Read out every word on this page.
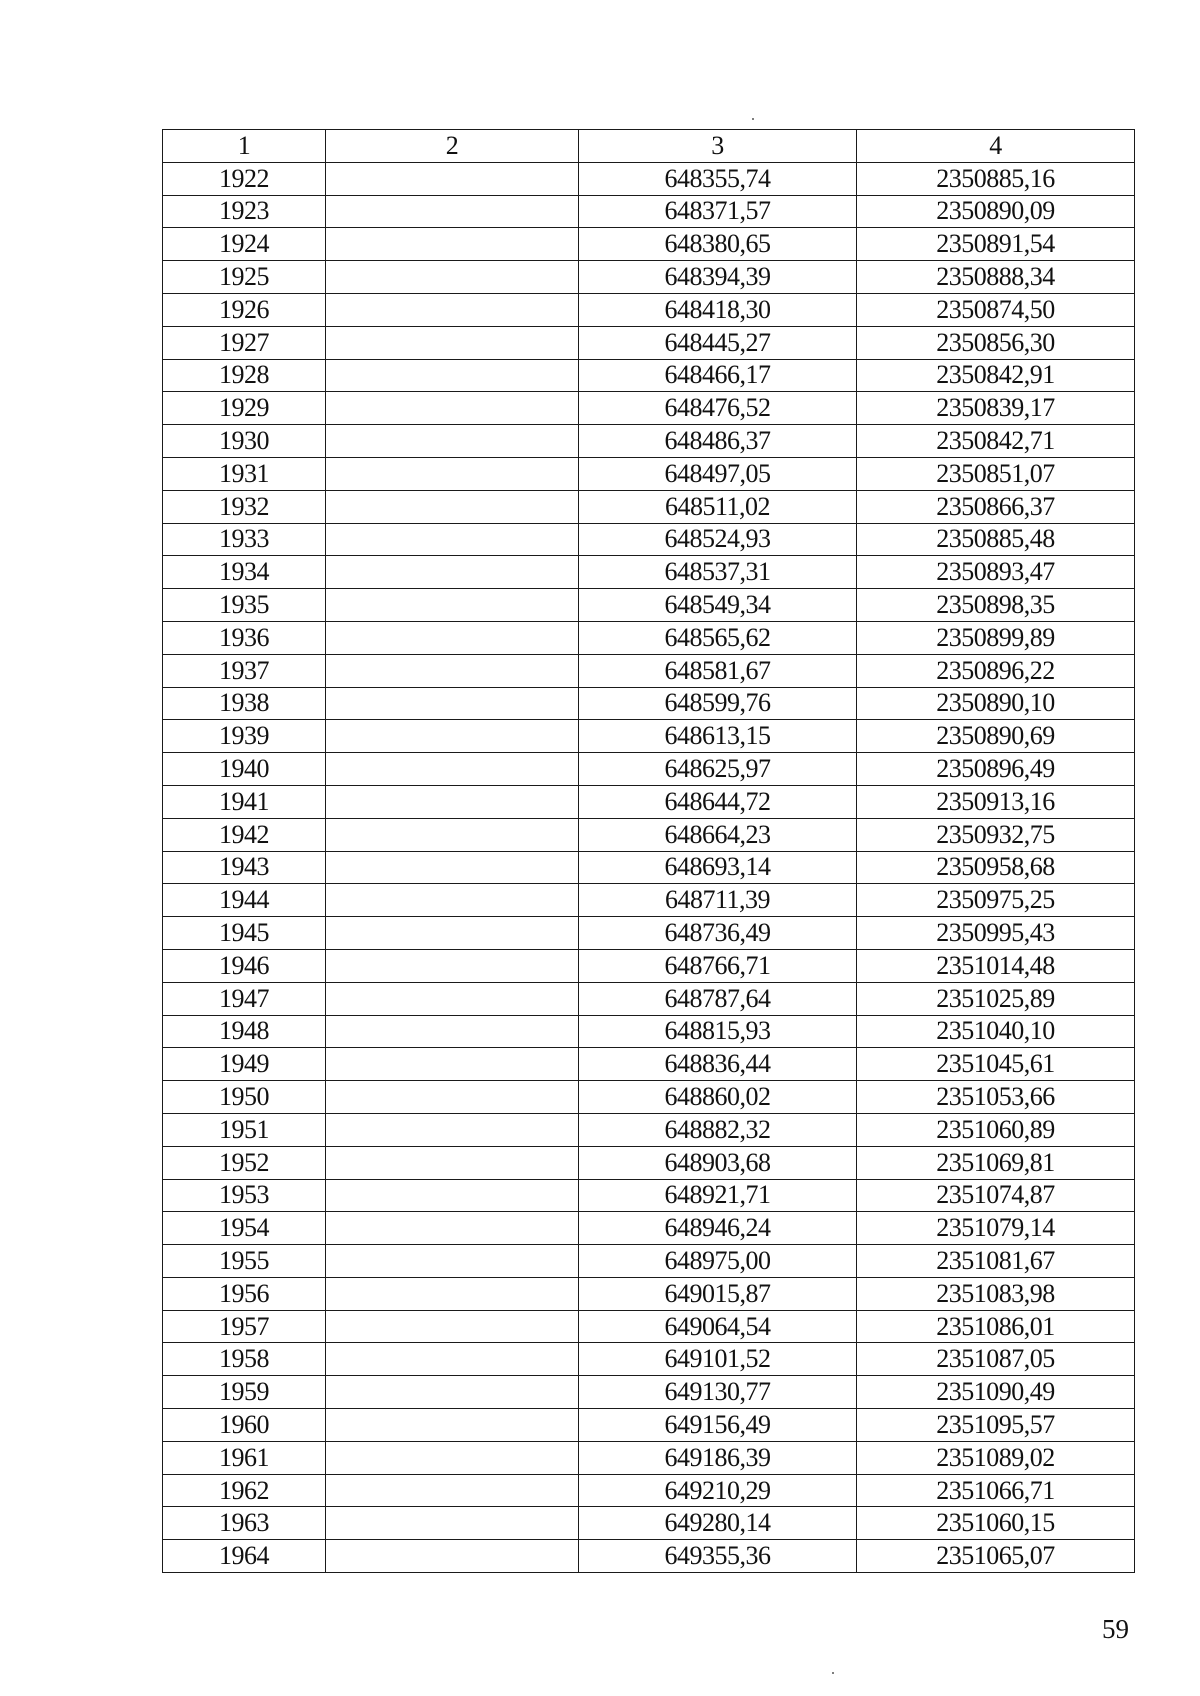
1	2	3	4
1922		648355,74	2350885,16
1923		648371,57	2350890,09
1924		648380,65	2350891,54
1925		648394,39	2350888,34
1926		648418,30	2350874,50
1927		648445,27	2350856,30
1928		648466,17	2350842,91
1929		648476,52	2350839,17
1930		648486,37	2350842,71
1931		648497,05	2350851,07
1932		648511,02	2350866,37
1933		648524,93	2350885,48
1934		648537,31	2350893,47
1935		648549,34	2350898,35
1936		648565,62	2350899,89
1937		648581,67	2350896,22
1938		648599,76	2350890,10
1939		648613,15	2350890,69
1940		648625,97	2350896,49
1941		648644,72	2350913,16
1942		648664,23	2350932,75
1943		648693,14	2350958,68
1944		648711,39	2350975,25
1945		648736,49	2350995,43
1946		648766,71	2351014,48
1947		648787,64	2351025,89
1948		648815,93	2351040,10
1949		648836,44	2351045,61
1950		648860,02	2351053,66
1951		648882,32	2351060,89
1952		648903,68	2351069,81
1953		648921,71	2351074,87
1954		648946,24	2351079,14
1955		648975,00	2351081,67
1956		649015,87	2351083,98
1957		649064,54	2351086,01
1958		649101,52	2351087,05
1959		649130,77	2351090,49
1960		649156,49	2351095,57
1961		649186,39	2351089,02
1962		649210,29	2351066,71
1963		649280,14	2351060,15
1964		649355,36	2351065,07
59
